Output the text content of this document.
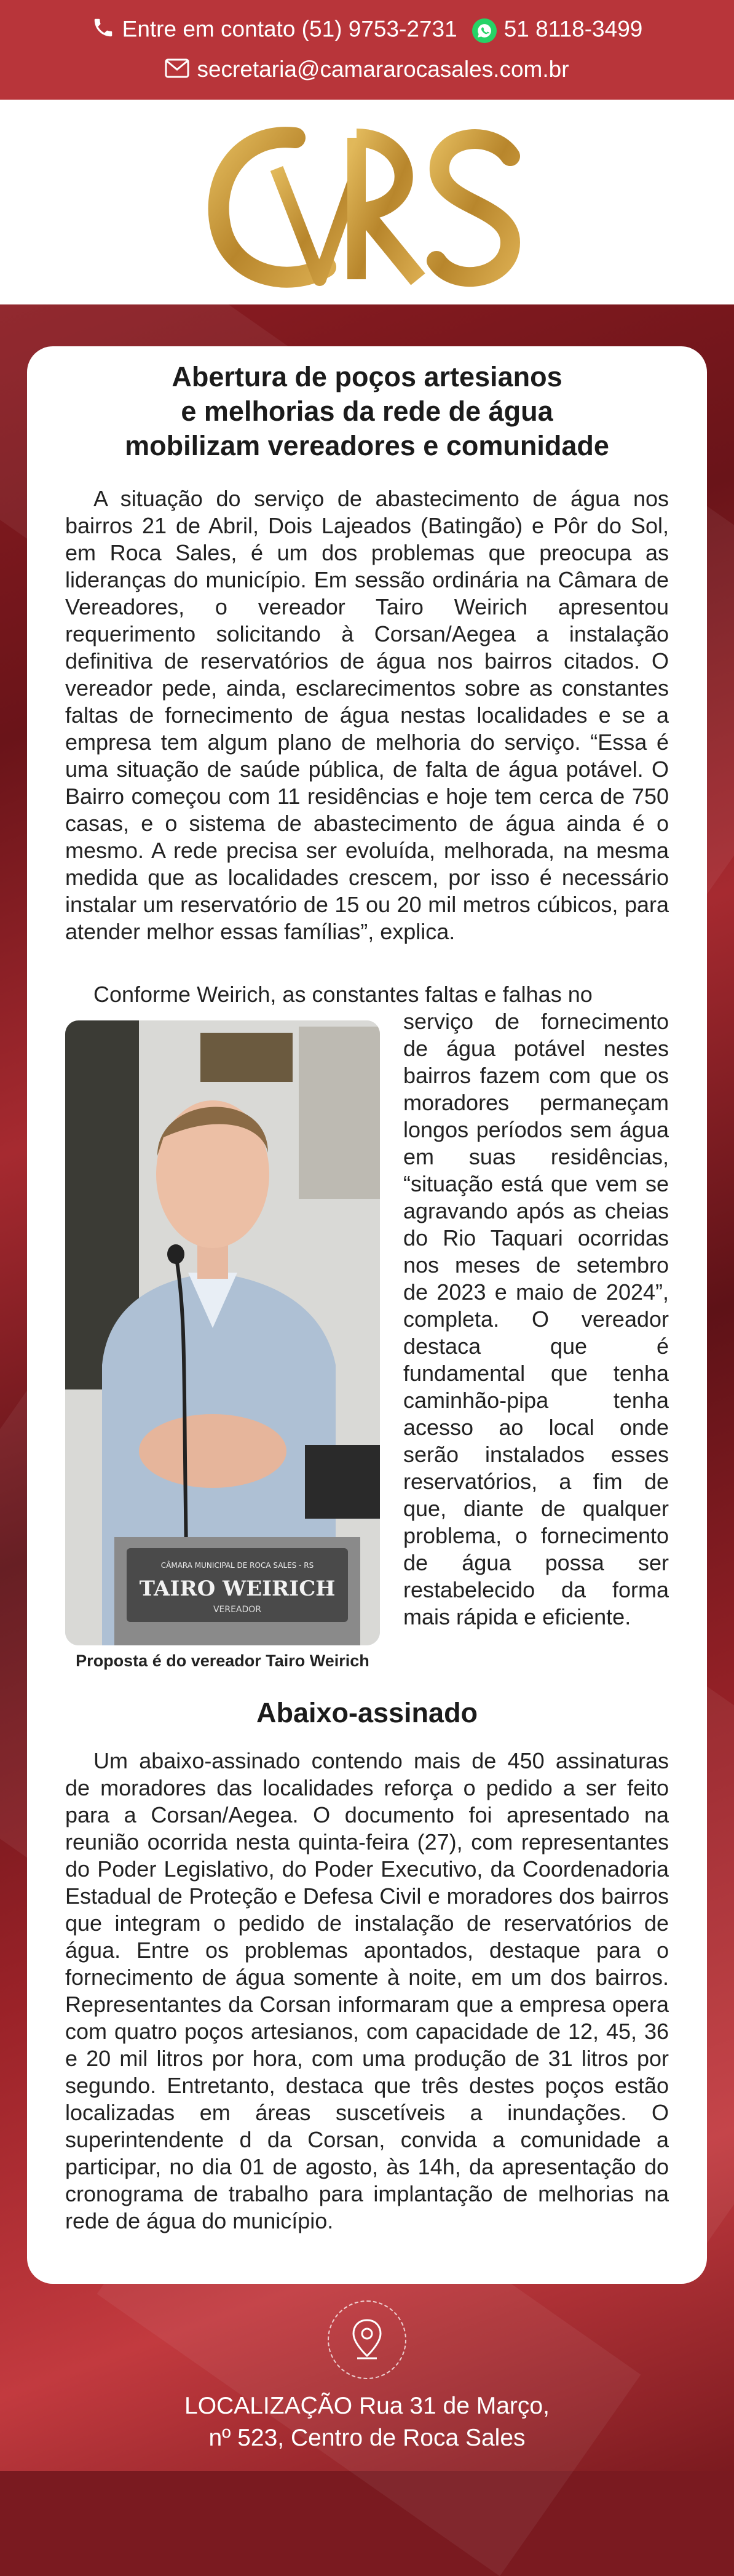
Entre em contato (51) 9753-2731 51 8118-3499
secretaria@camararocasales.com.br
Abertura de poços artesianos
e melhorias da rede de água
mobilizam vereadores e comunidade
A situação do serviço de abastecimento de água nos bairros 21 de Abril, Dois Lajeados (Batingão) e Pôr do Sol, em Roca Sales, é um dos problemas que preocupa as lideranças do município. Em sessão ordinária na Câmara de Vereadores, o vereador Tairo Weirich apresentou requerimento solicitando à Corsan/Aegea a instalação definitiva de reservatórios de água nos bairros citados. O vereador pede, ainda, esclarecimentos sobre as constantes faltas de fornecimento de água nestas localidades e se a empresa tem algum plano de melhoria do serviço. “Essa é uma situação de saúde pública, de falta de água potável. O Bairro começou com 11 residências e hoje tem cerca de 750 casas, e o sistema de abastecimento de água ainda é o mesmo. A rede precisa ser evoluída, melhorada, na mesma medida que as localidades crescem, por isso é necessário instalar um reservatório de 15 ou 20 mil metros cúbicos, para atender melhor essas famílias”, explica.
Conforme Weirich, as constantes faltas e falhas no
CÂMARA MUNICIPAL DE ROCA SALES - RS
TAIRO WEIRICH
VEREADOR
Proposta é do vereador Tairo Weirich
serviço de fornecimento de água potável nestes bairros fazem com que os moradores permaneçam longos períodos sem água em suas residências, “situação está que vem se agravando após as cheias do Rio Taquari ocorridas nos meses de setembro de 2023 e maio de 2024”, completa. O vereador destaca que é fundamental que tenha caminhão-pipa tenha acesso ao local onde serão instalados esses reservatórios, a fim de que, diante de qualquer problema, o fornecimento de água possa ser restabelecido da forma mais rápida e eficiente.
Abaixo-assinado
Um abaixo-assinado contendo mais de 450 assinaturas de moradores das localidades reforça o pedido a ser feito para a Corsan/Aegea. O documento foi apresentado na reunião ocorrida nesta quinta-feira (27), com representantes do Poder Legislativo, do Poder Executivo, da Coordenadoria Estadual de Proteção e Defesa Civil e moradores dos bairros que integram o pedido de instalação de reservatórios de água. Entre os problemas apontados, destaque para o fornecimento de água somente à noite, em um dos bairros. Representantes da Corsan informaram que a empresa opera com quatro poços artesianos, com capacidade de 12, 45, 36 e 20 mil litros por hora, com uma produção de 31 litros por segundo. Entretanto, destaca que três destes poços estão localizadas em áreas suscetíveis a inundações. O superintendente d da Corsan, convida a comunidade a participar, no dia 01 de agosto, às 14h, da apresentação do cronograma de trabalho para implantação de melhorias na rede de água do município.
LOCALIZAÇÃO Rua 31 de Março,
nº 523, Centro de Roca Sales
